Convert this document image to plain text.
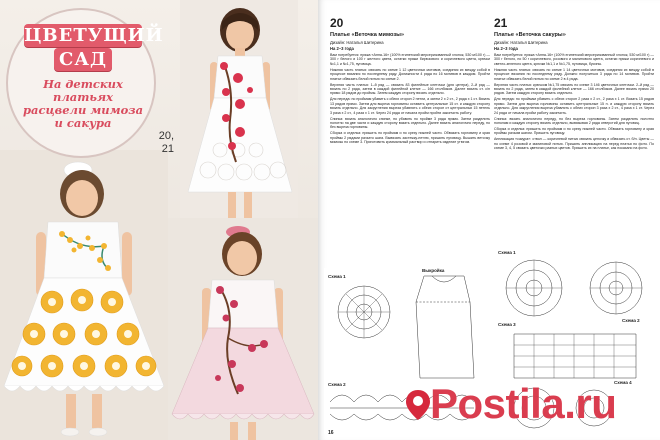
ЦВЕТУЩИЙ
САД
На детских платьях расцвели мимоза и сакура
20, 21
20
Платье «Веточка мимозы»
Дизайн: Наталья Шитерина
На 2–3 года

Вам потребуется: пряжа «Анна-16» (100% египетский мерсеризованный хлопок, 530 м/100 г) — 300 г белого и 100 г желтого цвета, остатки пряжи бирюзового и коричневого цвета, крючки №1,1 и №1,75, пуговица.

Нижняя часть платья: связать по схеме 1 12 цветочных мотивов, соединяя их между собой в процессе вязания по последнему ряду. Долижности 4 ряда по 16 мотивов в каждом. Пройти платье обвязать белой нитью по схеме 2.

Верхняя часть платья: 1–й ряд — связать 83 филейные клеточки (для центра), 2–й ряд — вязать по 2 ряда, затем в каждой филейной клетке — 166 столбиков. Далее вязать ст. с/н прямо 18 рядов до проймы. Затем каждую сторону вязать отдельно.

Для переда: по проймам убавить с обеих сторон 2 петли, а затем 2 х 2 ст., 2 ряда х 1 ст. Вязать 13 рядов прямо. Затем для выреза горловины оставить центральные 15 ст. и каждую сторону вязать отдельно. Для закругления выреза убавлять с обеих сторон от центральных 15 петель 3 раза х 2 ст., 4 раза х 1 ст. Через 24 ряда от начала пройм пройти закончить работу.

Спинка: вязать аналогично спинке, но убавить по пройме 3 ряда прямо. Затем разделить полотно на две части и каждую сторону вязать отдельно. Далее вязать аналогично переду, но без выреза горловины.

Сборка и отделка: пришить по проймам и по срезу нижней части. Обвязать горловину и края проймы 2 рядами рачьего шага. Вывязать застежку-петлю, пришить пуговицу. Вышить веточку мимозы по схеме 3. Приготовить крахмальный раствор и отпарить изделие утюгом.

21
Платье «Веточка сакуры»
Дизайн: Наталья Шитерина
На 2–3 года

Вам потребуется: пряжа «Анна-16» (100% египетский мерсеризованный хлопок, 530 м/100 г) — 300 г белого, по 50 г коричневого, розового и малинового цвета, остатки пряжи коричневого и светло-зеленого цвета, крючки №1,1 и №1,75, пуговица, бусины.

Нижняя часть платья: связать по схеме 1 14 цветочных мотивов, соединяя их между собой в процессе вязания по последнему ряду. Должно получиться 3 ряда по 14 мотивов. Пройти платье обвязать белой нитью по схеме 2 в 4 ряда.

Верхняя часть платья: крючком №1,75 связать по схеме 3 146 цветочных клеточки. 2–й ряд — вязать по 2 ряда, затем в каждой филейной клетке — 166 столбиков. Далее вязать прямо 20 рядов. Затем каждую сторону вязать отдельно.

Для переда: по проймам убавить с обеих сторон 2 раза х 2 ст., 2 раза х 1 ст. Вязать 15 рядов прямо. Затем для выреза горловины оставить центральные 15 п. и каждую сторону вязать отдельно. Для закругления выреза убавлять с обеих сторон 3 раза х 2 ст., 4 раза х 1 ст. Через 24 ряда от начала пройм работу закончить.

Спинка: вязать аналогично переду, но без выреза горловины. Затем разделить полотно пополам и каждую сторону вязать отдельно, вывязывая 2 ряда отверстий для пуговиц.

Сборка и отделка: пришить по проймам и по срезу нижней части. Обвязать горловину и края проймы рачьим шагом. Пришить пуговицу.

Аппликация «сакура»: ствол — коричневой нитью связать цепочку и обвязать ст. б/н. Цветы — по схеме 4 розовой и малиновой нитью. Пришить аппликацию на перед платья по фото. По схеме 3, 4, 5 связать цветочки разных цветов. Пришить их на платье, как показано на фото.

Схема 1
Выкройка
Схема 2
Схема 1
Схема 2
Схема 3
Схема 4
16
Postila.ru
